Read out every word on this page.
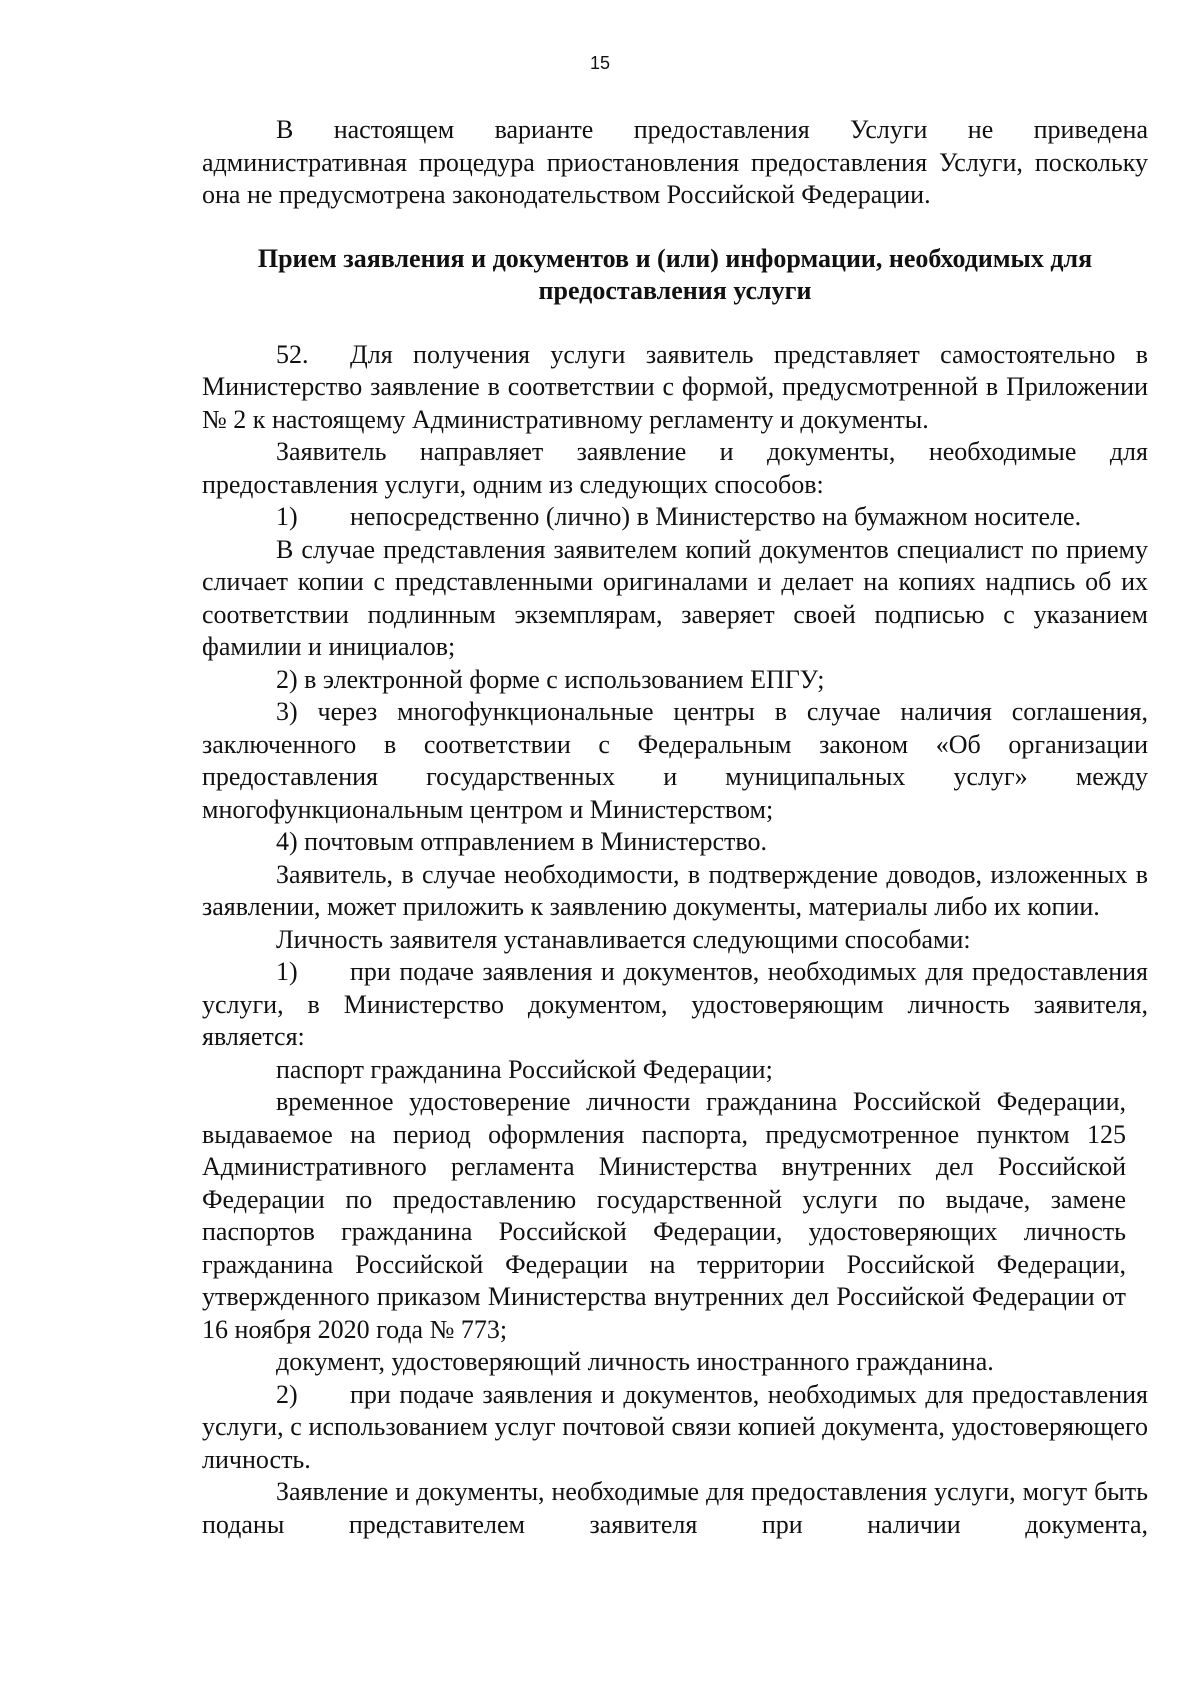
15

В настоящем варианте предоставления Услуги не приведена административная процедура приостановления предоставления Услуги, поскольку она не предусмотрена законодательством Российской Федерации.

Прием заявления и документов и (или) информации, необходимых для предоставления услуги

52. Для получения услуги заявитель представляет самостоятельно в Министерство заявление в соответствии с формой, предусмотренной в Приложении № 2 к настоящему Административному регламенту и документы.

Заявитель направляет заявление и документы, необходимые для предоставления услуги, одним из следующих способов:

1) непосредственно (лично) в Министерство на бумажном носителе.

В случае представления заявителем копий документов специалист по приему сличает копии с представленными оригиналами и делает на копиях надпись об их соответствии подлинным экземплярам, заверяет своей подписью с указанием фамилии и инициалов;

2) в электронной форме с использованием ЕПГУ;

3) через многофункциональные центры в случае наличия соглашения, заключенного в соответствии с Федеральным законом «Об организации предоставления государственных и муниципальных услуг» между многофункциональным центром и Министерством;

4) почтовым отправлением в Министерство.

Заявитель, в случае необходимости, в подтверждение доводов, изложенных в заявлении, может приложить к заявлению документы, материалы либо их копии.

Личность заявителя устанавливается следующими способами:

1) при подаче заявления и документов, необходимых для предоставления услуги, в Министерство документом, удостоверяющим личность заявителя, является:

паспорт гражданина Российской Федерации;

временное удостоверение личности гражданина Российской Федерации, выдаваемое на период оформления паспорта, предусмотренное пунктом 125 Административного регламента Министерства внутренних дел Российской Федерации по предоставлению государственной услуги по выдаче, замене паспортов гражданина Российской Федерации, удостоверяющих личность гражданина Российской Федерации на территории Российской Федерации, утвержденного приказом Министерства внутренних дел Российской Федерации от 16 ноября 2020 года № 773;

документ, удостоверяющий личность иностранного гражданина.

2) при подаче заявления и документов, необходимых для предоставления услуги, с использованием услуг почтовой связи копией документа, удостоверяющего личность.

Заявление и документы, необходимые для предоставления услуги, могут быть поданы представителем заявителя при наличии документа,
